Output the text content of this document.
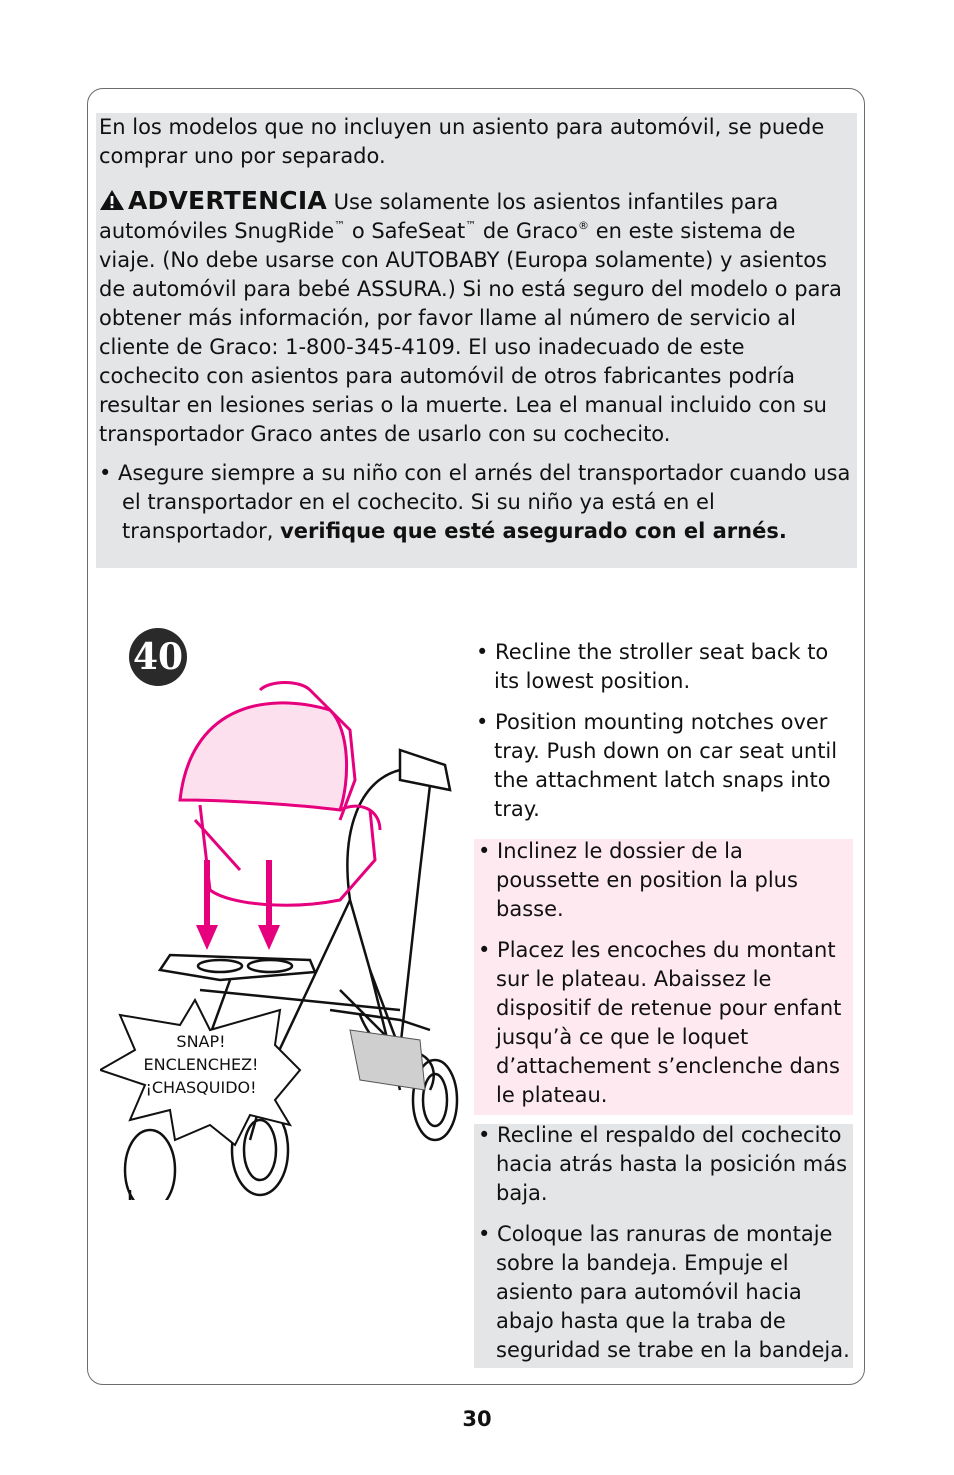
En los modelos que no incluyen un asiento para automóvil, se puede comprar uno por separado.

ADVERTENCIA Use solamente los asientos infantiles para automóviles SnugRide™ o SafeSeat™ de Graco® en este sistema de viaje. (No debe usarse con AUTOBABY (Europa solamente) y asientos de automóvil para bebé ASSURA.) Si no está seguro del modelo o para obtener más información, por favor llame al número de servicio al cliente de Graco: 1-800-345-4109. El uso inadecuado de este cochecito con asientos para automóvil de otros fabricantes podría resultar en lesiones serias o la muerte. Lea el manual incluido con su transportador Graco antes de usarlo con su cochecito.

• Asegure siempre a su niño con el arnés del transportador cuando usa el transportador en el cochecito. Si su niño ya está en el transportador, verifique que esté asegurado con el arnés.

40
SNAP!
ENCLENCHEZ!
¡CHASQUIDO!

• Recline the stroller seat back to its lowest position.

• Position mounting notches over tray. Push down on car seat until the attachment latch snaps into tray.

• Inclinez le dossier de la poussette en position la plus basse.

• Placez les encoches du montant sur le plateau. Abaissez le dispositif de retenue pour enfant jusqu’à ce que le loquet d’attachement s’enclenche dans le plateau.

• Recline el respaldo del cochecito hacia atrás hasta la posición más baja.

• Coloque las ranuras de montaje sobre la bandeja. Empuje el asiento para automóvil hacia abajo hasta que la traba de seguridad se trabe en la bandeja.

30
